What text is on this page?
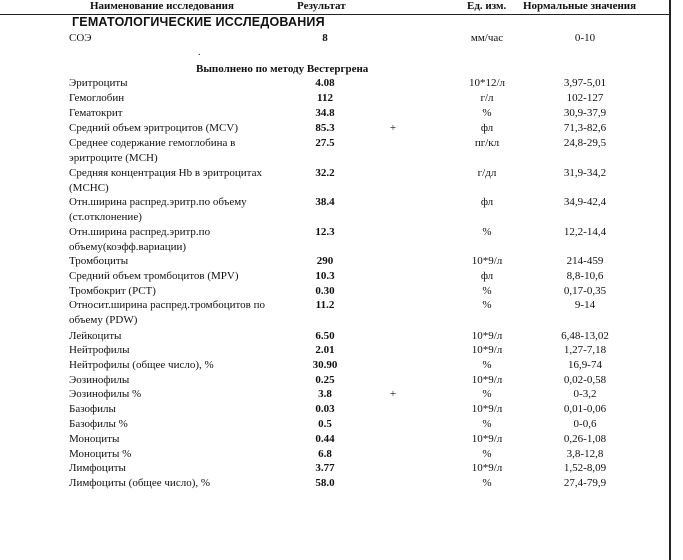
Наименование исследования	Результат	Ед. изм. Нормальные значения
ГЕМАТОЛОГИЧЕСКИЕ ИССЛЕДОВАНИЯ
.
Выполнено по методу Вестергрена
СОЭ	8	мм/час	0-10
Эритроциты	4.08	10*12/л	3,97-5,01
Гемоглобин	112	г/л	102-127
Гематокрит	34.8	%	30,9-37,9
Средний объем эритроцитов (MCV)	85.3	+	фл	71,3-82,6
Среднее содержание гемоглобина в эритроците (МСН)
27.5	пг/кл	24,8-29,5
Средняя концентрация Hb в эритроцитах (МСНС)
32.2	г/дл	31,9-34,2
Отн.ширина распред.эритр.по объему (ст.отклонение)
38.4	фл	34,9-42,4
Отн.ширина распред.эритр.по объему(коэфф.вариации)
12.3	%	12,2-14,4
Тромбоциты	290	10*9/л	214-459
Средний объем тромбоцитов (MPV)	10.3	фл	8,8-10,6
Тромбокрит (PCT)	0.30	%	0,17-0,35
Относит.ширина распред.тромбоцитов по объему (PDW)
11.2	%	9-14
Лейкоциты	6.50	10*9/л	6,48-13,02
Нейтрофилы	2.01	10*9/л	1,27-7,18
Нейтрофилы (общее число), %	30.90	%	16,9-74
Эозинофилы	0.25	10*9/л	0,02-0,58
Эозинофилы %	3.8	+	%	0-3,2
Базофилы	0.03	10*9/л	0,01-0,06
Базофилы %	0.5	%	0-0,6
Моноциты	0.44	10*9/л	0,26-1,08
Моноциты %	6.8	%	3,8-12,8
Лимфоциты	3.77	10*9/л	1,52-8,09
Лимфоциты (общее число), %	58.0	%	27,4-79,9
